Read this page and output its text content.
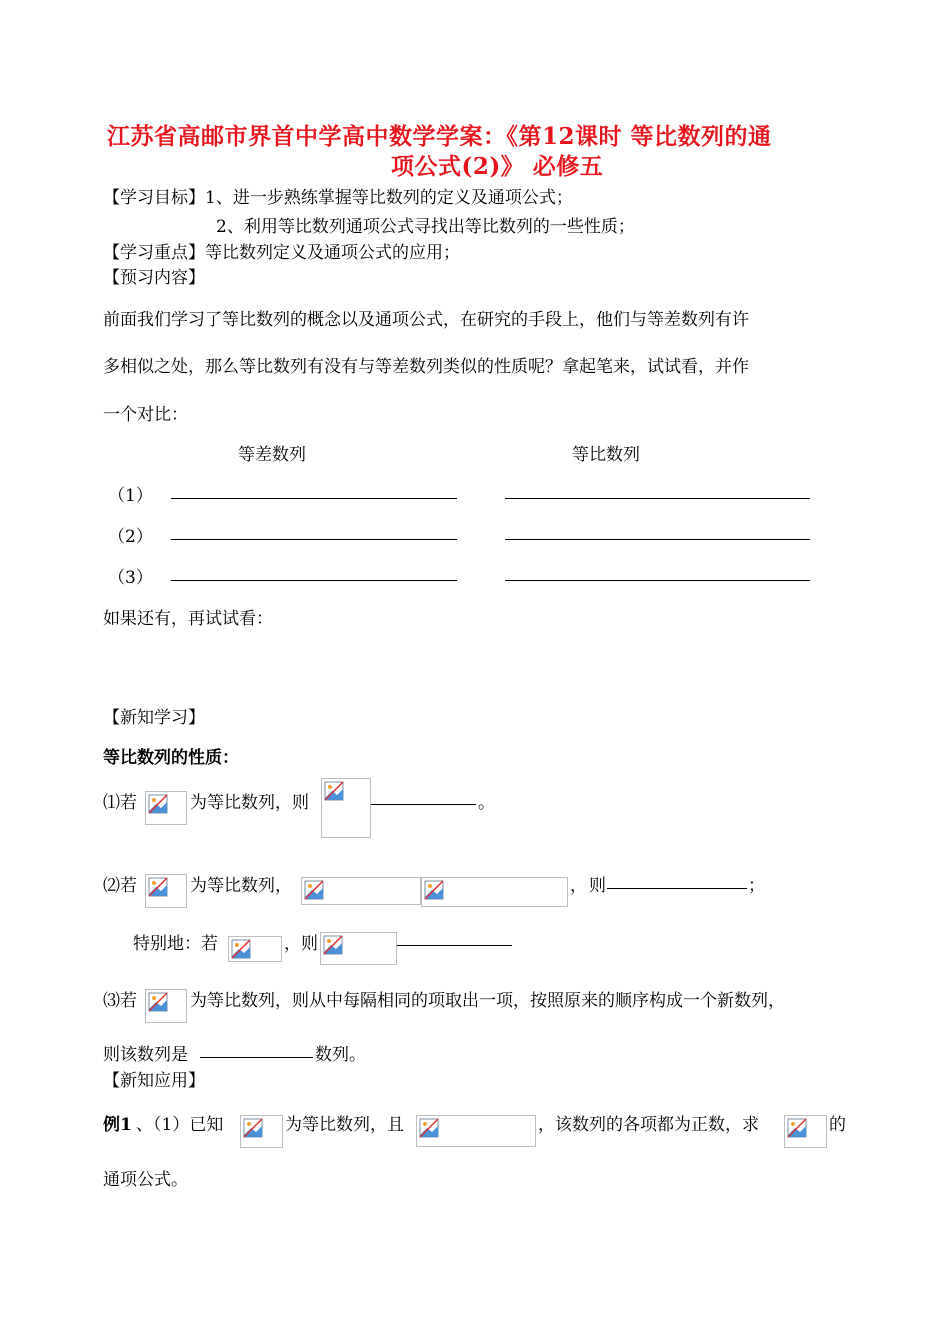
江苏省高邮市界首中学高中数学学案：《第12课时 等比数列的通
项公式(2)》 必修五
【学习目标】1、进一步熟练掌握等比数列的定义及通项公式；
2、利用等比数列通项公式寻找出等比数列的一些性质；
【学习重点】等比数列定义及通项公式的应用；
【预习内容】
前面我们学习了等比数列的概念以及通项公式，在研究的手段上，他们与等差数列有许
多相似之处，那么等比数列有没有与等差数列类似的性质呢？拿起笔来，试试看，并作
一个对比：
等差数列	等比数列
（1）
（2）
（3）
如果还有，再试试看：
【新知学习】
等比数列的性质：
⑴若	为等比数列，则	。
⑵若	为等比数列，	， 则	；
特别地：若	，则
⑶若	为等比数列，则从中每隔相同的项取出一项，按照原来的顺序构成一个新数列，
则该数列是	数列。
【新知应用】
例1 、（1）已知	为等比数列，且	，该数列的各项都为正数，求	的
通项公式。
